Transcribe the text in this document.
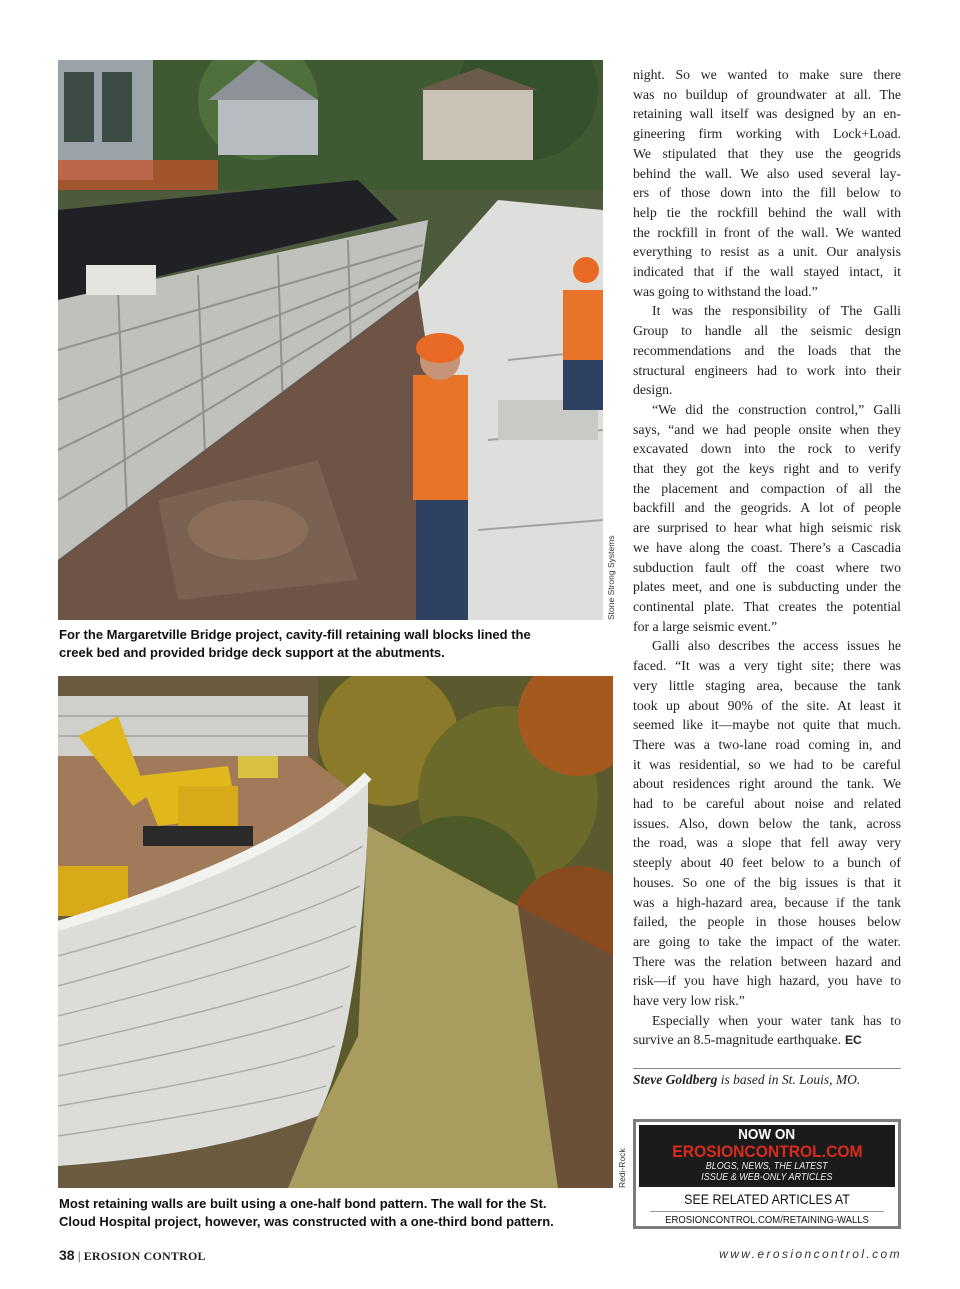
Stone Strong Systems
For the Margaretville Bridge project, cavity-fill retaining wall blocks lined the
creek bed and provided bridge deck support at the abutments.
Redi-Rock
Most retaining walls are built using a one-half bond pattern. The wall for the St.
Cloud Hospital project, however, was constructed with a one-third bond pattern.
night. So we wanted to make sure there
was no buildup of groundwater at all. The
retaining wall itself was designed by an en-
gineering firm working with Lock+Load.
We stipulated that they use the geogrids
behind the wall. We also used several lay-
ers of those down into the fill below to
help tie the rockfill behind the wall with
the rockfill in front of the wall. We wanted
everything to resist as a unit. Our analysis
indicated that if the wall stayed intact, it
was going to withstand the load.”
It was the responsibility of The Galli
Group to handle all the seismic design
recommendations and the loads that the
structural engineers had to work into their
design.
“We did the construction control,” Galli
says, “and we had people onsite when they
excavated down into the rock to verify
that they got the keys right and to verify
the placement and compaction of all the
backfill and the geogrids. A lot of people
are surprised to hear what high seismic risk
we have along the coast. There’s a Cascadia
subduction fault off the coast where two
plates meet, and one is subducting under the
continental plate. That creates the potential
for a large seismic event.”
Galli also describes the access issues he
faced. “It was a very tight site; there was
very little staging area, because the tank
took up about 90% of the site. At least it
seemed like it—maybe not quite that much.
There was a two-lane road coming in, and
it was residential, so we had to be careful
about residences right around the tank. We
had to be careful about noise and related
issues. Also, down below the tank, across
the road, was a slope that fell away very
steeply about 40 feet below to a bunch of
houses. So one of the big issues is that it
was a high-hazard area, because if the tank
failed, the people in those houses below
are going to take the impact of the water.
There was the relation between hazard and
risk—if you have high hazard, you have to
have very low risk.”
Especially when your water tank has to
survive an 8.5-magnitude earthquake. EC
Steve Goldberg is based in St. Louis, MO.
NOW ON
EROSIONCONTROL.COM
BLOGS, NEWS, THE LATEST
ISSUE & WEB-ONLY ARTICLES
SEE RELATED ARTICLES AT
EROSIONCONTROL.COM/RETAINING-WALLS
38 | EROSION CONTROL	www.erosioncontrol.com
